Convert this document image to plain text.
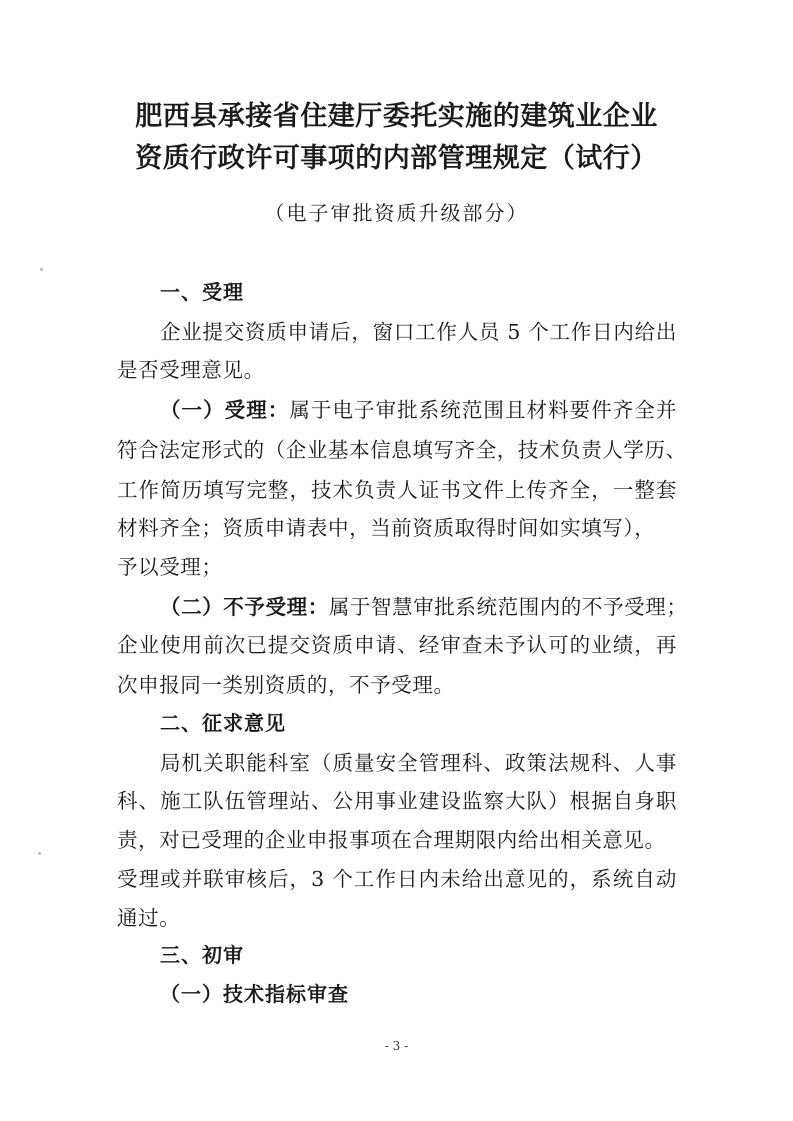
肥西县承接省住建厅委托实施的建筑业企业
资质行政许可事项的内部管理规定（试行）
（电子审批资质升级部分）
一、受理
企业提交资质申请后，窗口工作人员 5 个工作日内给出
是否受理意见。
（一）受理：属于电子审批系统范围且材料要件齐全并
符合法定形式的（企业基本信息填写齐全，技术负责人学历、
工作简历填写完整，技术负责人证书文件上传齐全，一整套
材料齐全；资质申请表中，当前资质取得时间如实填写），
予以受理；
（二）不予受理：属于智慧审批系统范围内的不予受理；
企业使用前次已提交资质申请、经审查未予认可的业绩，再
次申报同一类别资质的，不予受理。
二、征求意见
局机关职能科室（质量安全管理科、政策法规科、人事
科、施工队伍管理站、公用事业建设监察大队）根据自身职
责，对已受理的企业申报事项在合理期限内给出相关意见。
受理或并联审核后，3 个工作日内未给出意见的，系统自动
通过。
三、初审
（一）技术指标审查
- 3 -
